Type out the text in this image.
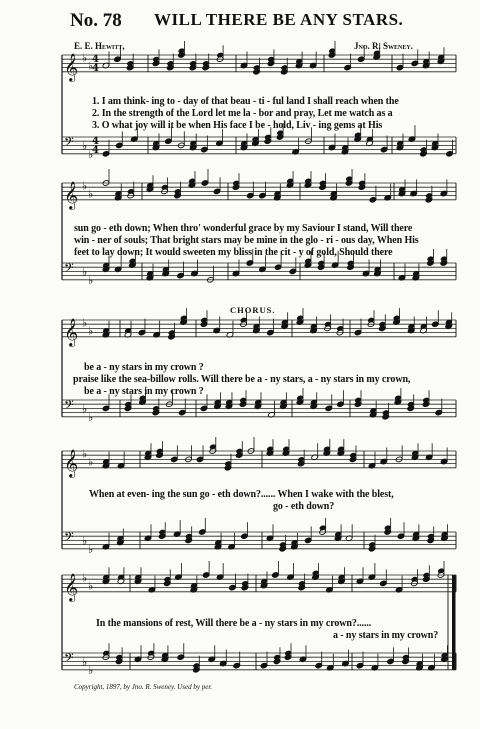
𝄞 ♭
♭
𝄢 ♭
♭
𝄞 ♭
♭
𝄢 ♭
♭
𝄞 ♭
♭
𝄢 ♭
♭
𝄞 ♭
♭
𝄢 ♭
♭
𝄞 ♭
♭
𝄢 ♭
♭
4
4
4
4
No. 78 WILL THERE BE ANY STARS.
E. E. Hewitt,	Jno. R. Sweney.
1. I am think- ing to - day of that beau - ti - ful land I shall reach when the
2. In the strength of the Lord let me la - bor and pray, Let me watch as a
3. O what joy will it be when His face I be - hold, Liv - ing gems at His
sun go - eth down; When thro' wonderful grace by my Saviour I stand, Will there
win - ner of souls; That bright stars may be mine in the glo - ri - ous day, When His
feet to lay down; It would sweeten my bliss in the cit - y of gold, Should there
CHORUS.
be a - ny stars in my crown ?
praise like the sea-billow rolls. Will there be a - ny stars, a - ny stars in my crown,
be a - ny stars in my crown ?
When at even- ing the sun go - eth down?...... When I wake with the blest,
go - eth down?
In the mansions of rest, Will there be a - ny stars in my crown?......
a - ny stars in my crown?
Copyright, 1897, by Jno. R. Sweney. Used by per.
